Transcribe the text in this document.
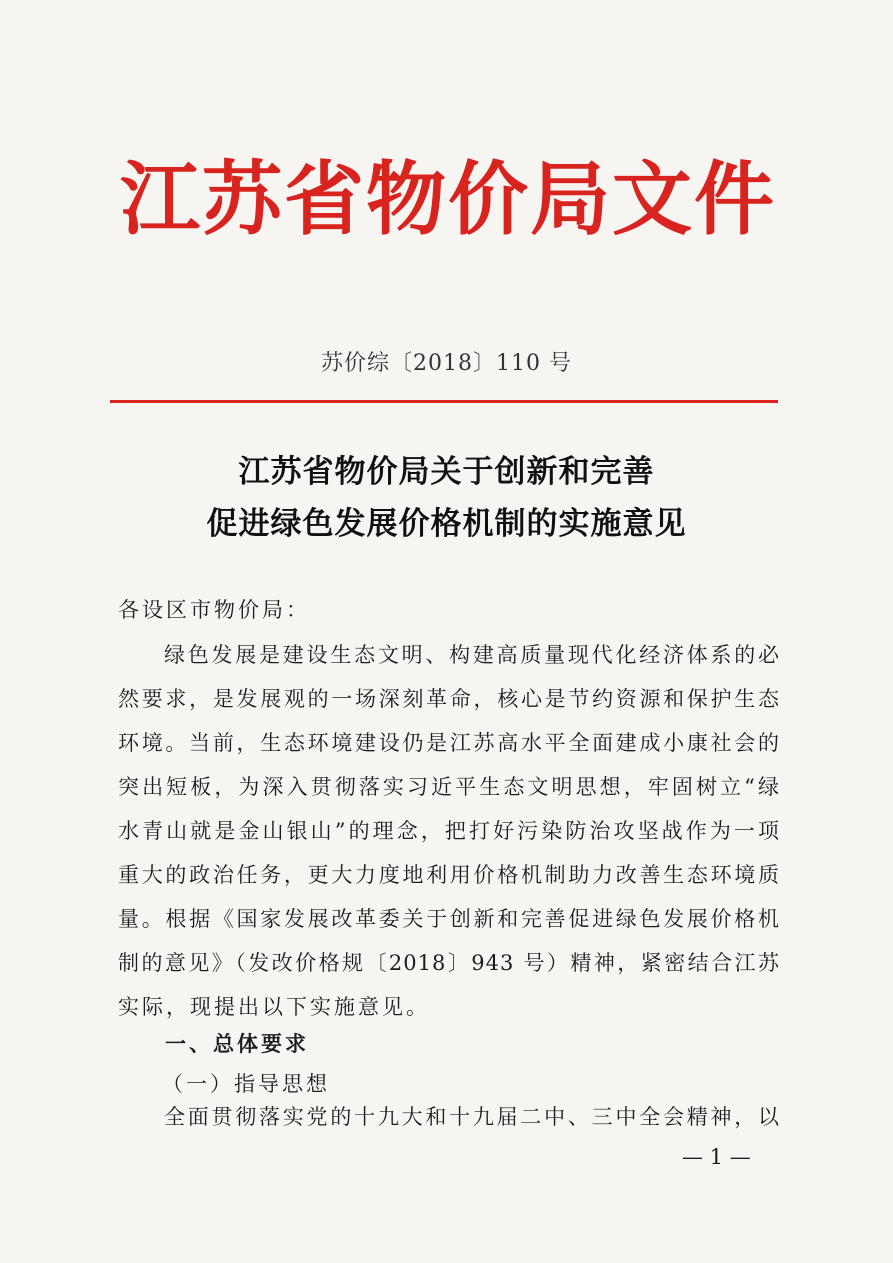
江苏省物价局文件
苏价综〔2018〕110 号
江苏省物价局关于创新和完善
促进绿色发展价格机制的实施意见
各设区市物价局：
绿色发展是建设生态文明、构建高质量现代化经济体系的必
然要求，是发展观的一场深刻革命，核心是节约资源和保护生态
环境。当前，生态环境建设仍是江苏高水平全面建成小康社会的
突出短板，为深入贯彻落实习近平生态文明思想，牢固树立“绿
水青山就是金山银山”的理念，把打好污染防治攻坚战作为一项
重大的政治任务，更大力度地利用价格机制助力改善生态环境质
量。根据《国家发展改革委关于创新和完善促进绿色发展价格机
制的意见》（发改价格规〔2018〕943 号）精神，紧密结合江苏
实际，现提出以下实施意见。
一、总体要求
（一）指导思想
全面贯彻落实党的十九大和十九届二中、三中全会精神，以
— 1 —
